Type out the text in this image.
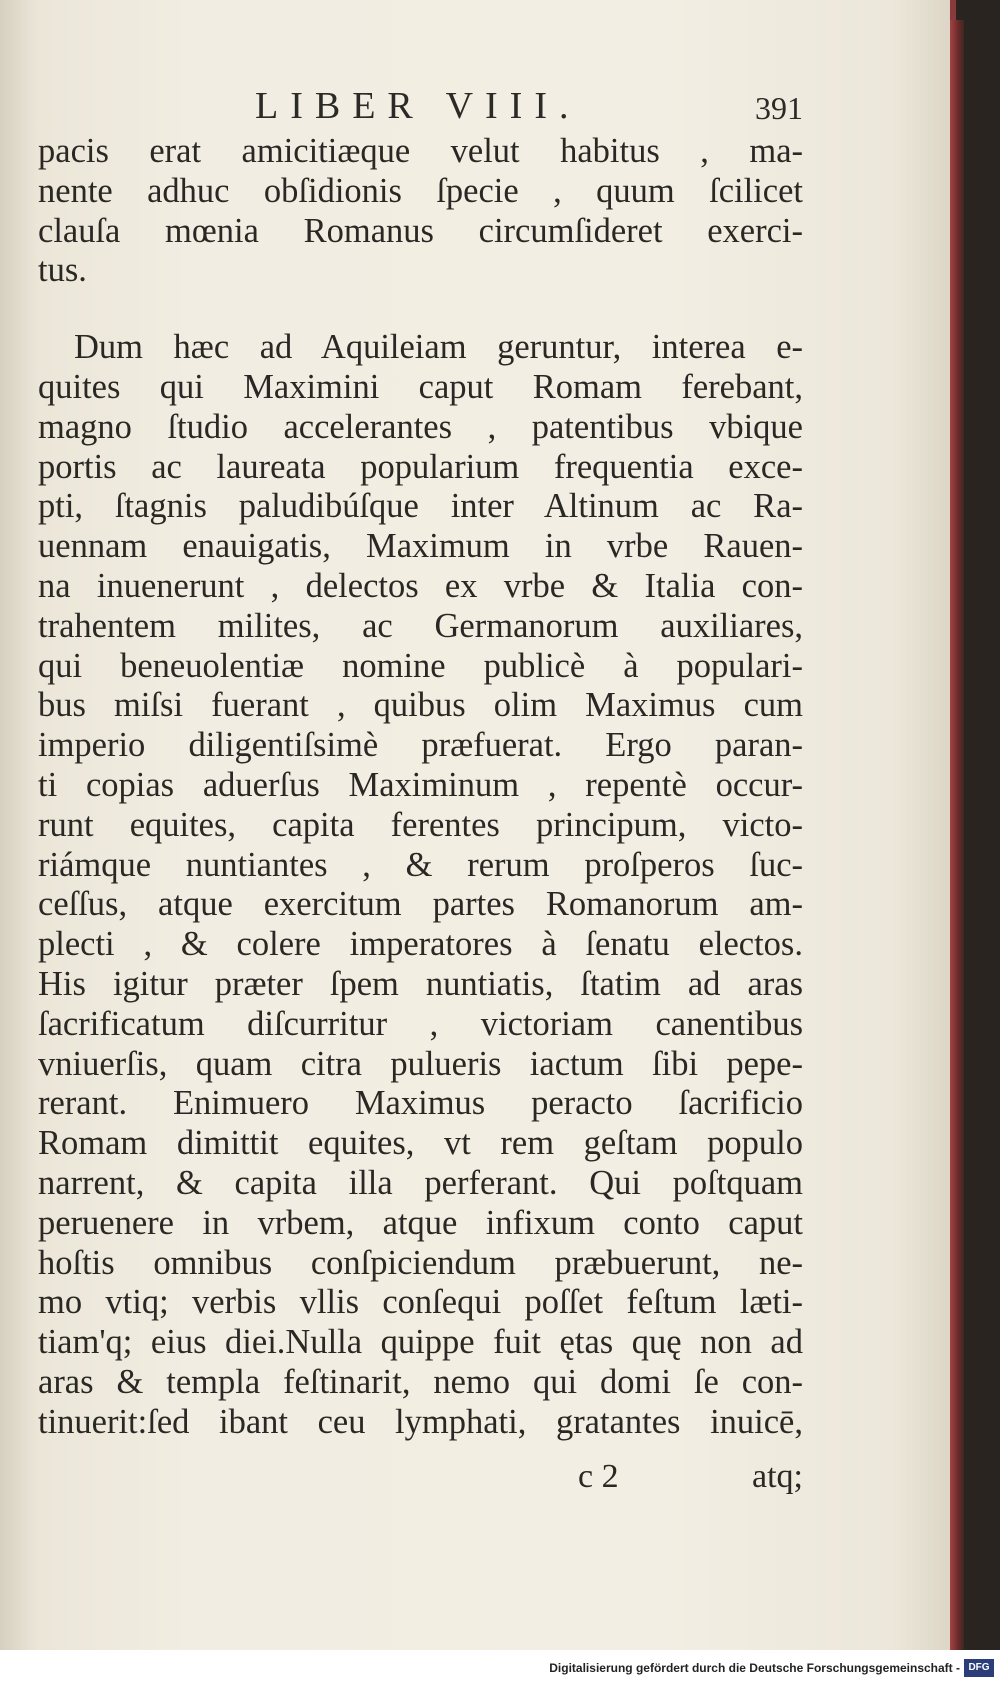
LIBER VIII.	391
pacis erat amicitiæque velut habitus , ma-
nente adhuc obſidionis ſpecie , quum ſcilicet
clauſa mœnia Romanus circumſideret exerci-
tus.
Dum hæc ad Aquileiam geruntur, interea e-
quites qui Maximini caput Romam ferebant,
magno ſtudio accelerantes , patentibus vbique
portis ac laureata popularium frequentia exce-
pti, ſtagnis paludibúſque inter Altinum ac Ra-
uennam enauigatis, Maximum in vrbe Rauen-
na inuenerunt , delectos ex vrbe & Italia con-
trahentem milites, ac Germanorum auxiliares,
qui beneuolentiæ nomine publicè à populari-
bus miſsi fuerant , quibus olim Maximus cum
imperio diligentiſsimè præfuerat. Ergo paran-
ti copias aduerſus Maximinum , repentè occur-
runt equites, capita ferentes principum, victo-
riámque nuntiantes , & rerum proſperos ſuc-
ceſſus, atque exercitum partes Romanorum am-
plecti , & colere imperatores à ſenatu electos.
His igitur præter ſpem nuntiatis, ſtatim ad aras
ſacrificatum diſcurritur , victoriam canentibus
vniuerſis, quam citra pulueris iactum ſibi pepe-
rerant. Enimuero Maximus peracto ſacrificio
Romam dimittit equites, vt rem geſtam populo
narrent, & capita illa perferant. Qui poſtquam
peruenere in vrbem, atque infixum conto caput
hoſtis omnibus conſpiciendum præbuerunt, ne-
mo vtiq; verbis vllis conſequi poſſet feſtum læti-
tiam'q; eius diei.Nulla quippe fuit ętas quę non ad
aras & templa feſtinarit, nemo qui domi ſe con-
tinuerit:ſed ibant ceu lymphati, gratantes inuicē,
c 2	atq;
Digitalisierung gefördert durch die Deutsche Forschungsgemeinschaft - DFG
